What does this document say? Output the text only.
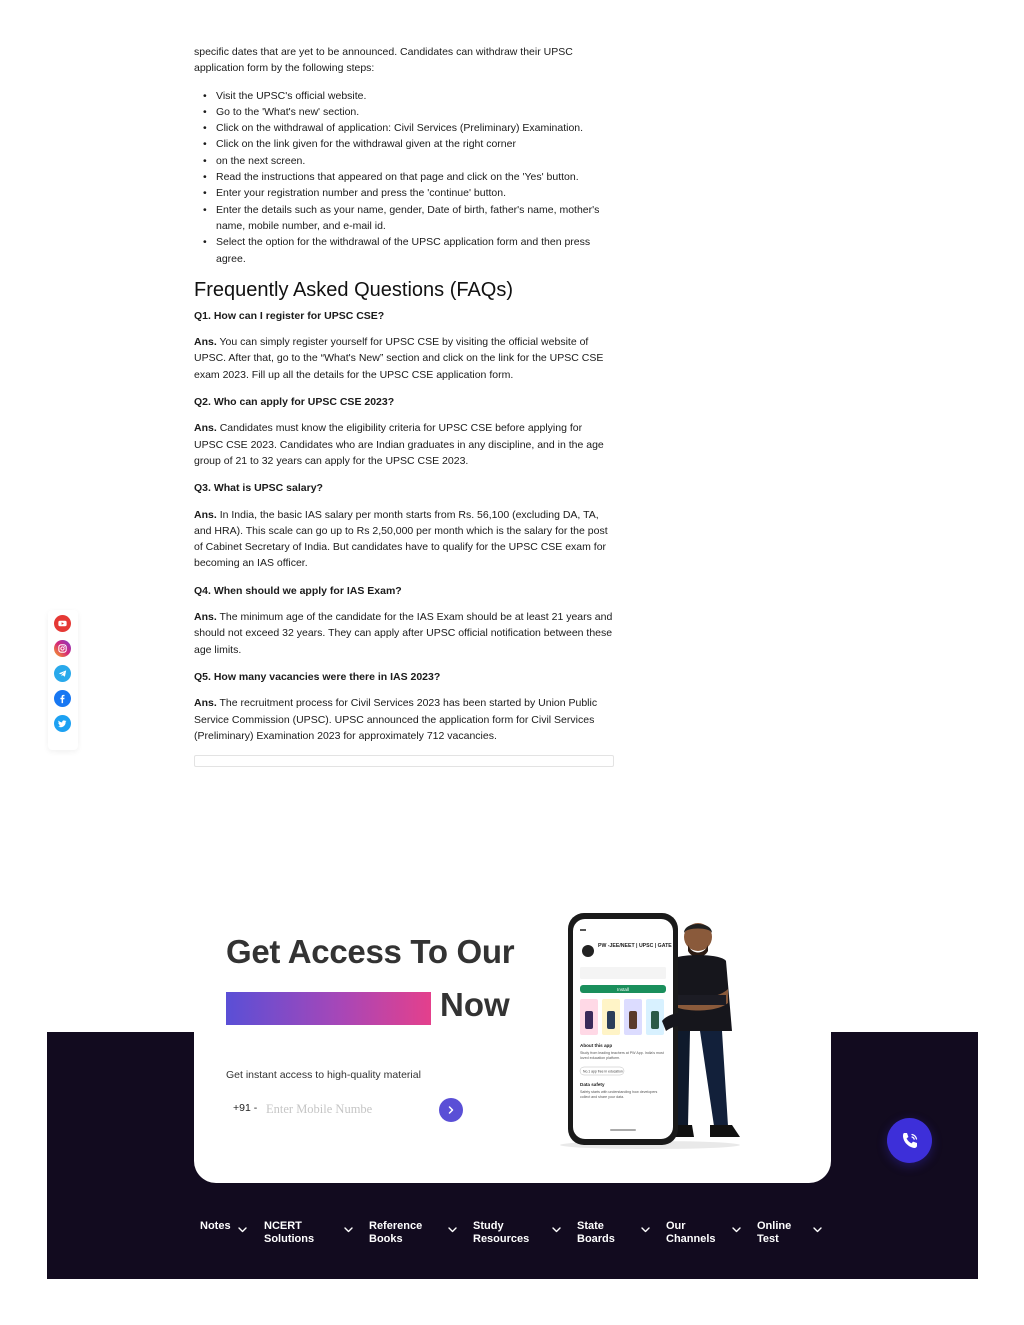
specific dates that are yet to be announced. Candidates can withdraw their UPSC application form by the following steps:

• Visit the UPSC's official website.
• Go to the 'What's new' section.
• Click on the withdrawal of application: Civil Services (Preliminary) Examination.
• Click on the link given for the withdrawal given at the right corner
• on the next screen.
• Read the instructions that appeared on that page and click on the 'Yes' button.
• Enter your registration number and press the 'continue' button.
• Enter the details such as your name, gender, Date of birth, father's name, mother's name, mobile number, and e-mail id.
• Select the option for the withdrawal of the UPSC application form and then press agree.
Frequently Asked Questions (FAQs)

Q1. How can I register for UPSC CSE?

Ans. You can simply register yourself for UPSC CSE by visiting the official website of UPSC. After that, go to the “What's New” section and click on the link for the UPSC CSE exam 2023. Fill up all the details for the UPSC CSE application form.

Q2. Who can apply for UPSC CSE 2023?

Ans. Candidates must know the eligibility criteria for UPSC CSE before applying for UPSC CSE 2023. Candidates who are Indian graduates in any discipline, and in the age group of 21 to 32 years can apply for the UPSC CSE 2023.

Q3. What is UPSC salary?

Ans. In India, the basic IAS salary per month starts from Rs. 56,100 (excluding DA, TA, and HRA). This scale can go up to Rs 2,50,000 per month which is the salary for the post of Cabinet Secretary of India. But candidates have to qualify for the UPSC CSE exam for becoming an IAS officer.

Q4. When should we apply for IAS Exam?

Ans. The minimum age of the candidate for the IAS Exam should be at least 21 years and should not exceed 32 years. They can apply after UPSC official notification between these age limits.

Q5. How many vacancies were there in IAS 2023?

Ans. The recruitment process for Civil Services 2023 has been started by Union Public Service Commission (UPSC). UPSC announced the application form for Civil Services (Preliminary) Examination 2023 for approximately 712 vacancies.

Get Access To Our
Now
Get instant access to high-quality material
+91 -
Enter Mobile Numbe
PW -JEE/NEET | UPSC | GATE
Install
About this app
Study from leading teachers at PW App. India's most loved education platform.
No.1 app free in education
Data safety
Safety starts with understanding how developers collect and share your data.
Notes	NCERT Solutions
Reference Books
Study Resources
State Boards
Our Channels
Online Test
